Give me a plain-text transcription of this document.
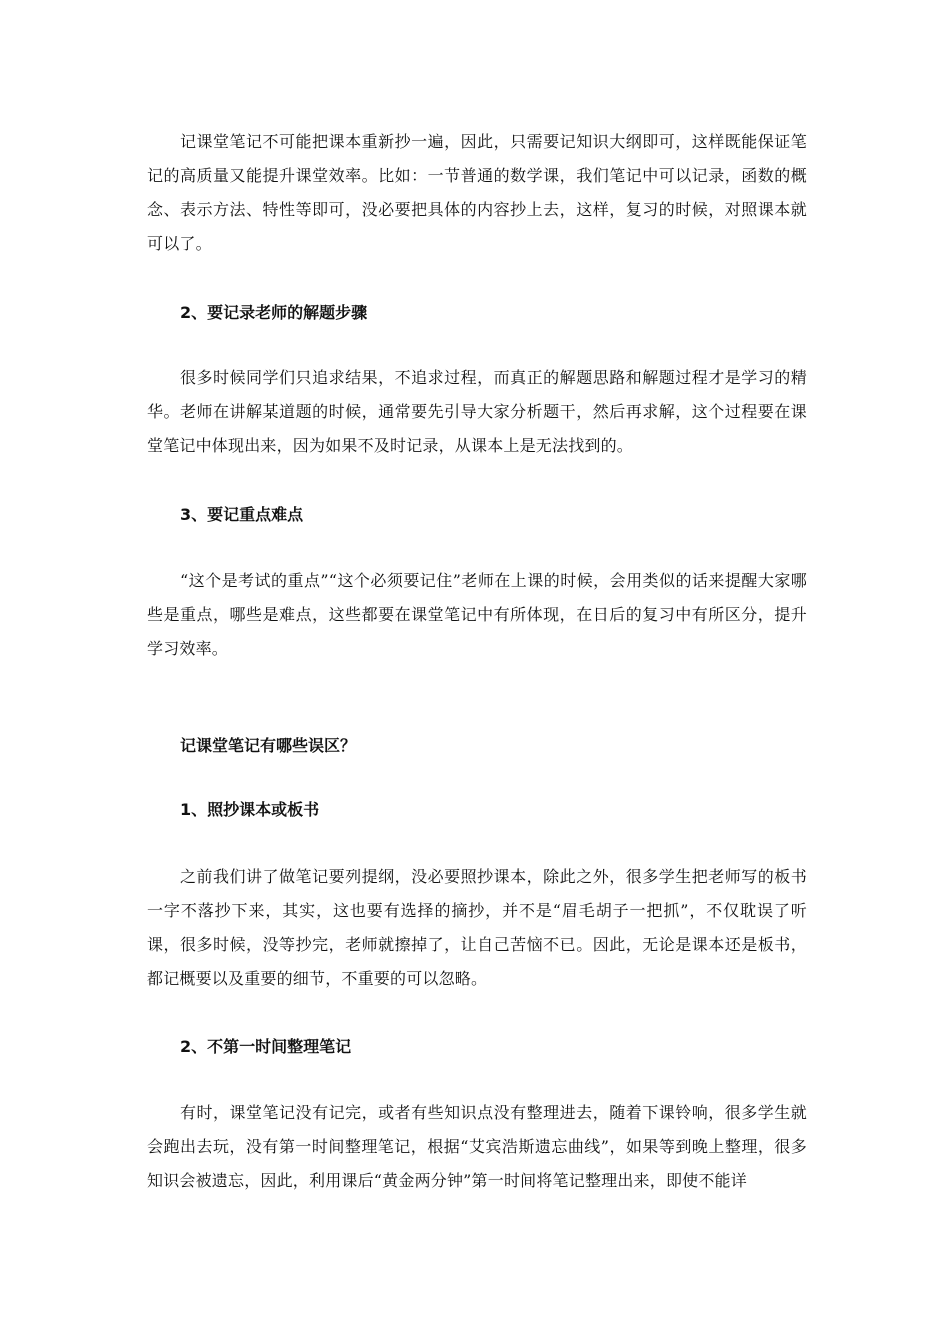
记课堂笔记不可能把课本重新抄一遍，因此，只需要记知识大纲即可，这样既能保证笔记的高质量又能提升课堂效率。比如：一节普通的数学课，我们笔记中可以记录，函数的概念、表示方法、特性等即可，没必要把具体的内容抄上去，这样，复习的时候，对照课本就可以了。

2、要记录老师的解题步骤

很多时候同学们只追求结果，不追求过程，而真正的解题思路和解题过程才是学习的精华。老师在讲解某道题的时候，通常要先引导大家分析题干，然后再求解，这个过程要在课堂笔记中体现出来，因为如果不及时记录，从课本上是无法找到的。

3、要记重点难点

“这个是考试的重点”“这个必须要记住”老师在上课的时候，会用类似的话来提醒大家哪些是重点，哪些是难点，这些都要在课堂笔记中有所体现，在日后的复习中有所区分，提升学习效率。

记课堂笔记有哪些误区？
1、照抄课本或板书

之前我们讲了做笔记要列提纲，没必要照抄课本，除此之外，很多学生把老师写的板书一字不落抄下来，其实，这也要有选择的摘抄，并不是“眉毛胡子一把抓”，不仅耽误了听课，很多时候，没等抄完，老师就擦掉了，让自己苦恼不已。因此，无论是课本还是板书，都记概要以及重要的细节，不重要的可以忽略。

2、不第一时间整理笔记

有时，课堂笔记没有记完，或者有些知识点没有整理进去，随着下课铃响，很多学生就会跑出去玩，没有第一时间整理笔记，根据“艾宾浩斯遗忘曲线”，如果等到晚上整理，很多知识会被遗忘，因此，利用课后“黄金两分钟”第一时间将笔记整理出来，即使不能详
